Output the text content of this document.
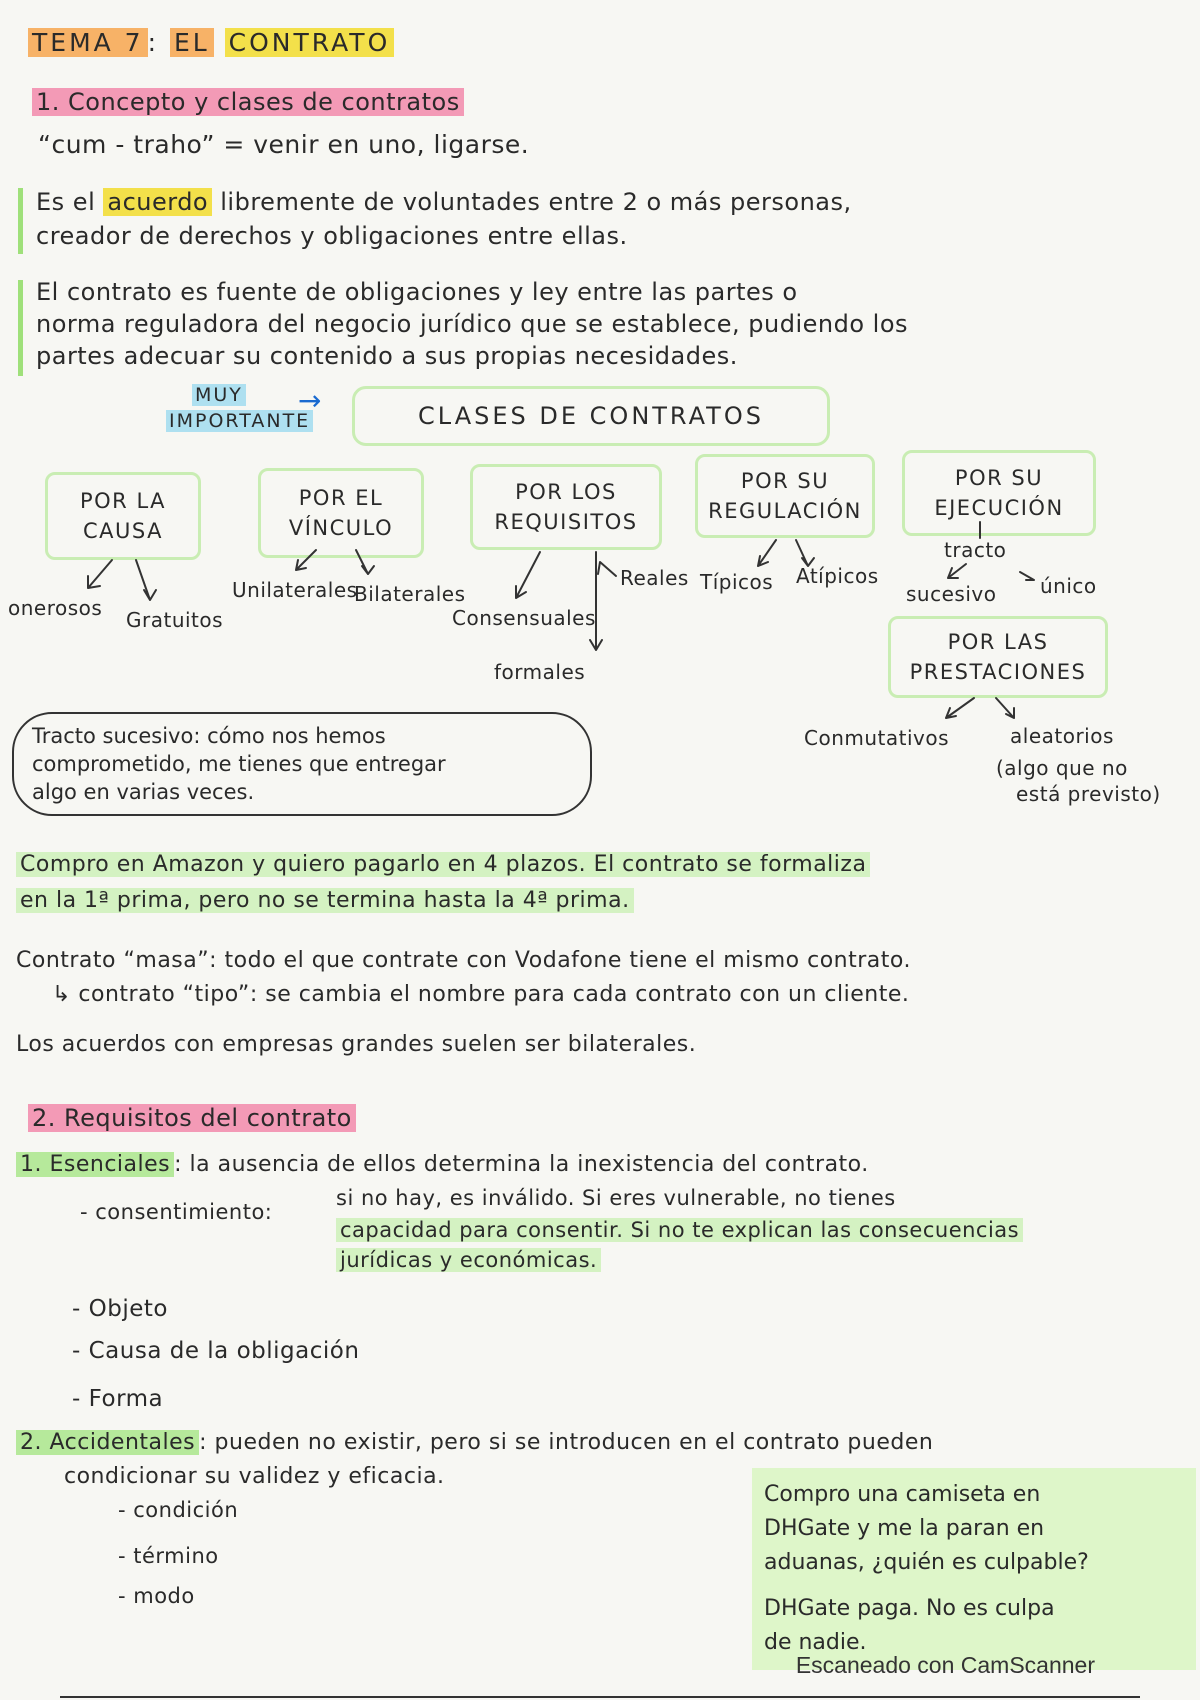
TEMA 7 : EL CONTRATO
1. Concepto y clases de contratos
“cum - traho” = venir en uno, ligarse.
Es el acuerdo libremente de voluntades entre 2 o más personas,
creador de derechos y obligaciones entre ellas.
El contrato es fuente de obligaciones y ley entre las partes o
norma reguladora del negocio jurídico que se establece, pudiendo los
partes adecuar su contenido a sus propias necesidades.
MUY
IMPORTANTE
→	CLASES DE CONTRATOS
POR LA
CAUSA
POR EL
VÍNCULO
POR LOS
REQUISITOS
POR SU
REGULACIÓN
POR SU
EJECUCIÓN
POR LAS
PRESTACIONES
onerosos Gratuitos
Unilaterales
Bilaterales
Consensuales
Reales
formales
Típicos Atípicos
tracto
sucesivo único
Conmutativos	aleatorios
(algo que no
está previsto)
Tracto sucesivo: cómo nos hemos
comprometido, me tienes que entregar
algo en varias veces.
Compro en Amazon y quiero pagarlo en 4 plazos. El contrato se formaliza
en la 1ª prima, pero no se termina hasta la 4ª prima.
Contrato “masa”: todo el que contrate con Vodafone tiene el mismo contrato.
↳ contrato “tipo”: se cambia el nombre para cada contrato con un cliente.
Los acuerdos con empresas grandes suelen ser bilaterales.
2. Requisitos del contrato
1. Esenciales : la ausencia de ellos determina la inexistencia del contrato.
- consentimiento:
si no hay, es inválido. Si eres vulnerable, no tienes
capacidad para consentir. Si no te explican las consecuencias
jurídicas y económicas.
- Objeto
- Causa de la obligación
- Forma
2. Accidentales : pueden no existir, pero si se introducen en el contrato pueden
condicionar su validez y eficacia.
- condición
- término
- modo
Compro una camiseta en
DHGate y me la paran en
aduanas, ¿quién es culpable?
DHGate paga. No es culpa
de nadie.
Escaneado con CamScanner
